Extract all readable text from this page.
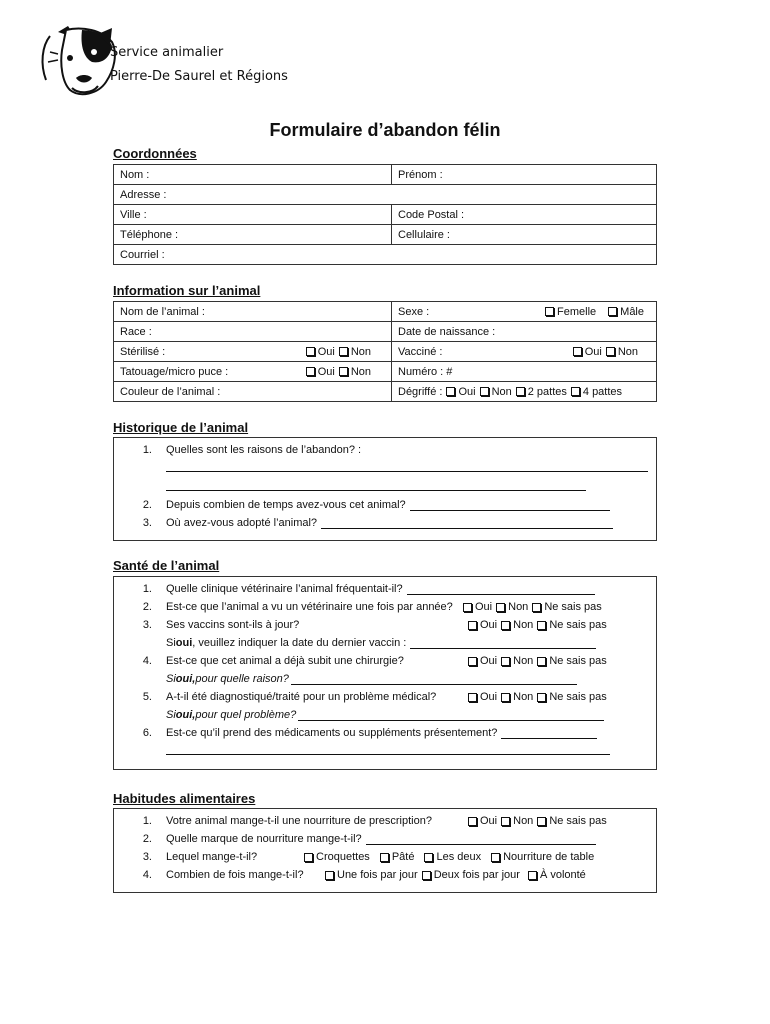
Service animalier
Pierre-De Saurel et Régions
Formulaire d’abandon félin
Coordonnées
Nom :	Prénom :
Adresse :	
Ville :	Code Postal :
Téléphone :	Cellulaire :
Courriel :	
Information sur l’animal
Nom de l’animal :	Sexe : Femelle Mâle

Race :	Date de naissance :

Stérilisé : Oui Non	Vacciné : Oui Non

Tatouage/micro puce : Oui Non	Numéro : #
Couleur de l’animal :	Dégriffé : Oui Non 2 pattes 4 pattes
Historique de l’animal
1. Quelles sont les raisons de l’abandon? :
2. Depuis combien de temps avez-vous cet animal?
3. Où avez-vous adopté l’animal?
Santé de l’animal
1. Quelle clinique vétérinaire l’animal fréquentait-il?
2. Est-ce que l’animal a vu un vétérinaire une fois par année? Oui Non Ne sais pas
3. Ses vaccins sont-ils à jour?	Oui Non Ne sais pas
Si oui , veuillez indiquer la date du dernier vaccin :
4. Est-ce que cet animal a déjà subit une chirurgie?	Oui Non Ne sais pas
Si oui, pour quelle raison?
5. A-t-il été diagnostiqué/traité pour un problème médical?	Oui Non Ne sais pas
Si oui, pour quel problème?
6. Est-ce qu’il prend des médicaments ou suppléments présentement?
Habitudes alimentaires
1. Votre animal mange-t-il une nourriture de prescription?	Oui Non Ne sais pas
2. Quelle marque de nourriture mange-t-il?
3. Lequel mange-t-il?	Croquettes Pâté Les deux Nourriture de table
4. Combien de fois mange-t-il?	Une fois par jour Deux fois par jour À volonté
